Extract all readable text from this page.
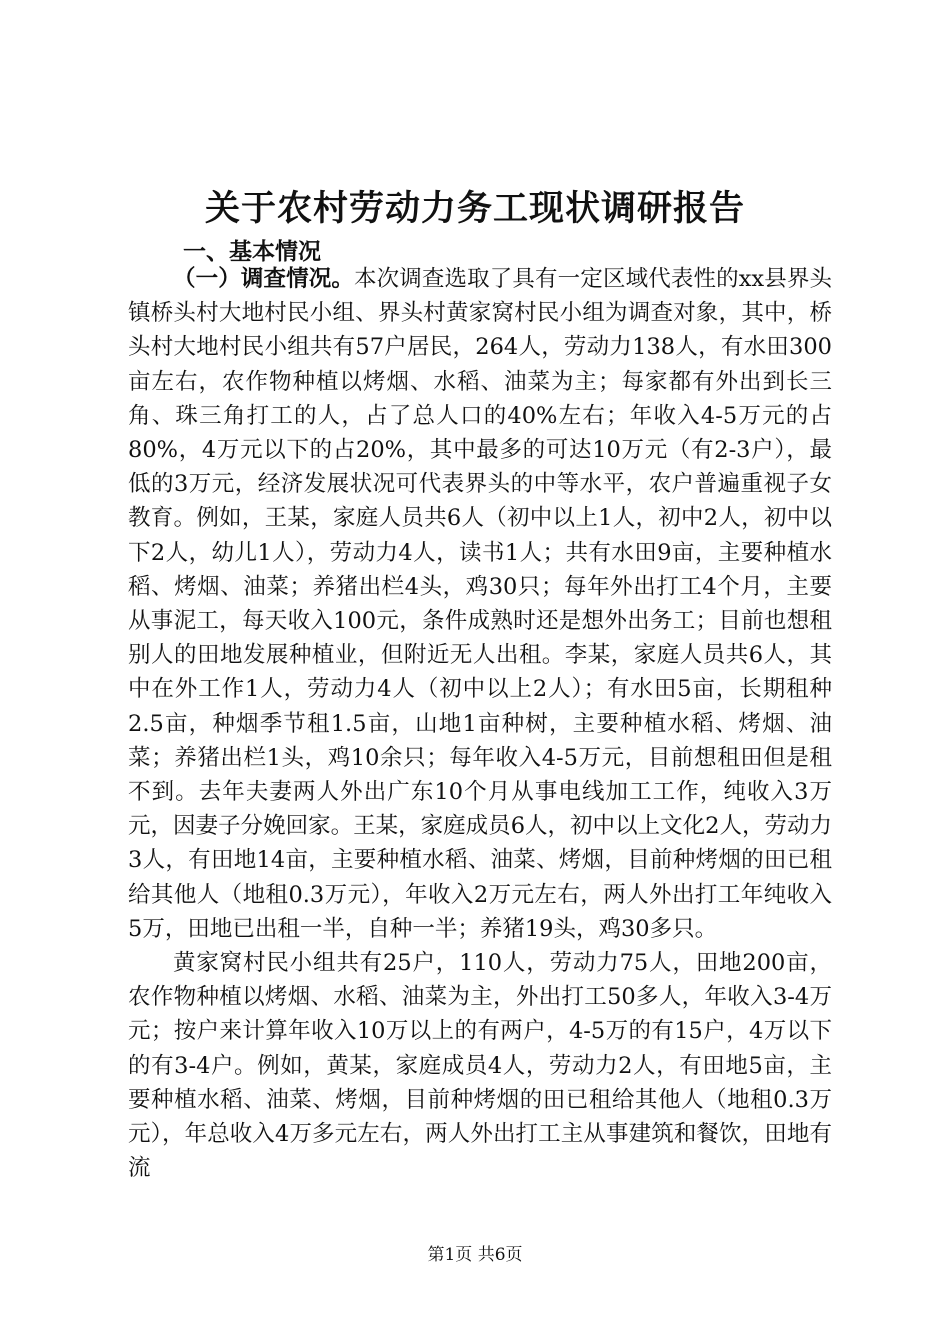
关于农村劳动力务工现状调研报告
一、基本情况

（一）调查情况。本次调查选取了具有一定区域代表性的xx县界头镇桥头村大地村民小组、界头村黄家窝村民小组为调查对象，其中，桥头村大地村民小组共有57户居民，264人，劳动力138人，有水田300亩左右，农作物种植以烤烟、水稻、油菜为主；每家都有外出到长三角、珠三角打工的人，占了总人口的40%左右；年收入4-5万元的占80%，4万元以下的占20%，其中最多的可达10万元（有2-3户），最低的3万元，经济发展状况可代表界头的中等水平，农户普遍重视子女教育。例如，王某，家庭人员共6人（初中以上1人，初中2人，初中以下2人，幼儿1人），劳动力4人，读书1人；共有水田9亩，主要种植水稻、烤烟、油菜；养猪出栏4头，鸡30只；每年外出打工4个月，主要从事泥工，每天收入100元，条件成熟时还是想外出务工；目前也想租别人的田地发展种植业，但附近无人出租。李某，家庭人员共6人，其中在外工作1人，劳动力4人（初中以上2人）；有水田5亩，长期租种2.5亩，种烟季节租1.5亩，山地1亩种树，主要种植水稻、烤烟、油菜；养猪出栏1头，鸡10余只；每年收入4-5万元，目前想租田但是租不到。去年夫妻两人外出广东10个月从事电线加工工作，纯收入3万元，因妻子分娩回家。王某，家庭成员6人，初中以上文化2人，劳动力3人，有田地14亩，主要种植水稻、油菜、烤烟，目前种烤烟的田已租给其他人（地租0.3万元），年收入2万元左右，两人外出打工年纯收入5万，田地已出租一半，自种一半；养猪19头，鸡30多只。

黄家窝村民小组共有25户，110人，劳动力75人，田地200亩，农作物种植以烤烟、水稻、油菜为主，外出打工50多人，年收入3-4万元；按户来计算年收入10万以上的有两户，4-5万的有15户，4万以下的有3-4户。例如，黄某，家庭成员4人，劳动力2人，有田地5亩，主要种植水稻、油菜、烤烟，目前种烤烟的田已租给其他人（地租0.3万元），年总收入4万多元左右，两人外出打工主从事建筑和餐饮，田地有流

第1页 共6页
